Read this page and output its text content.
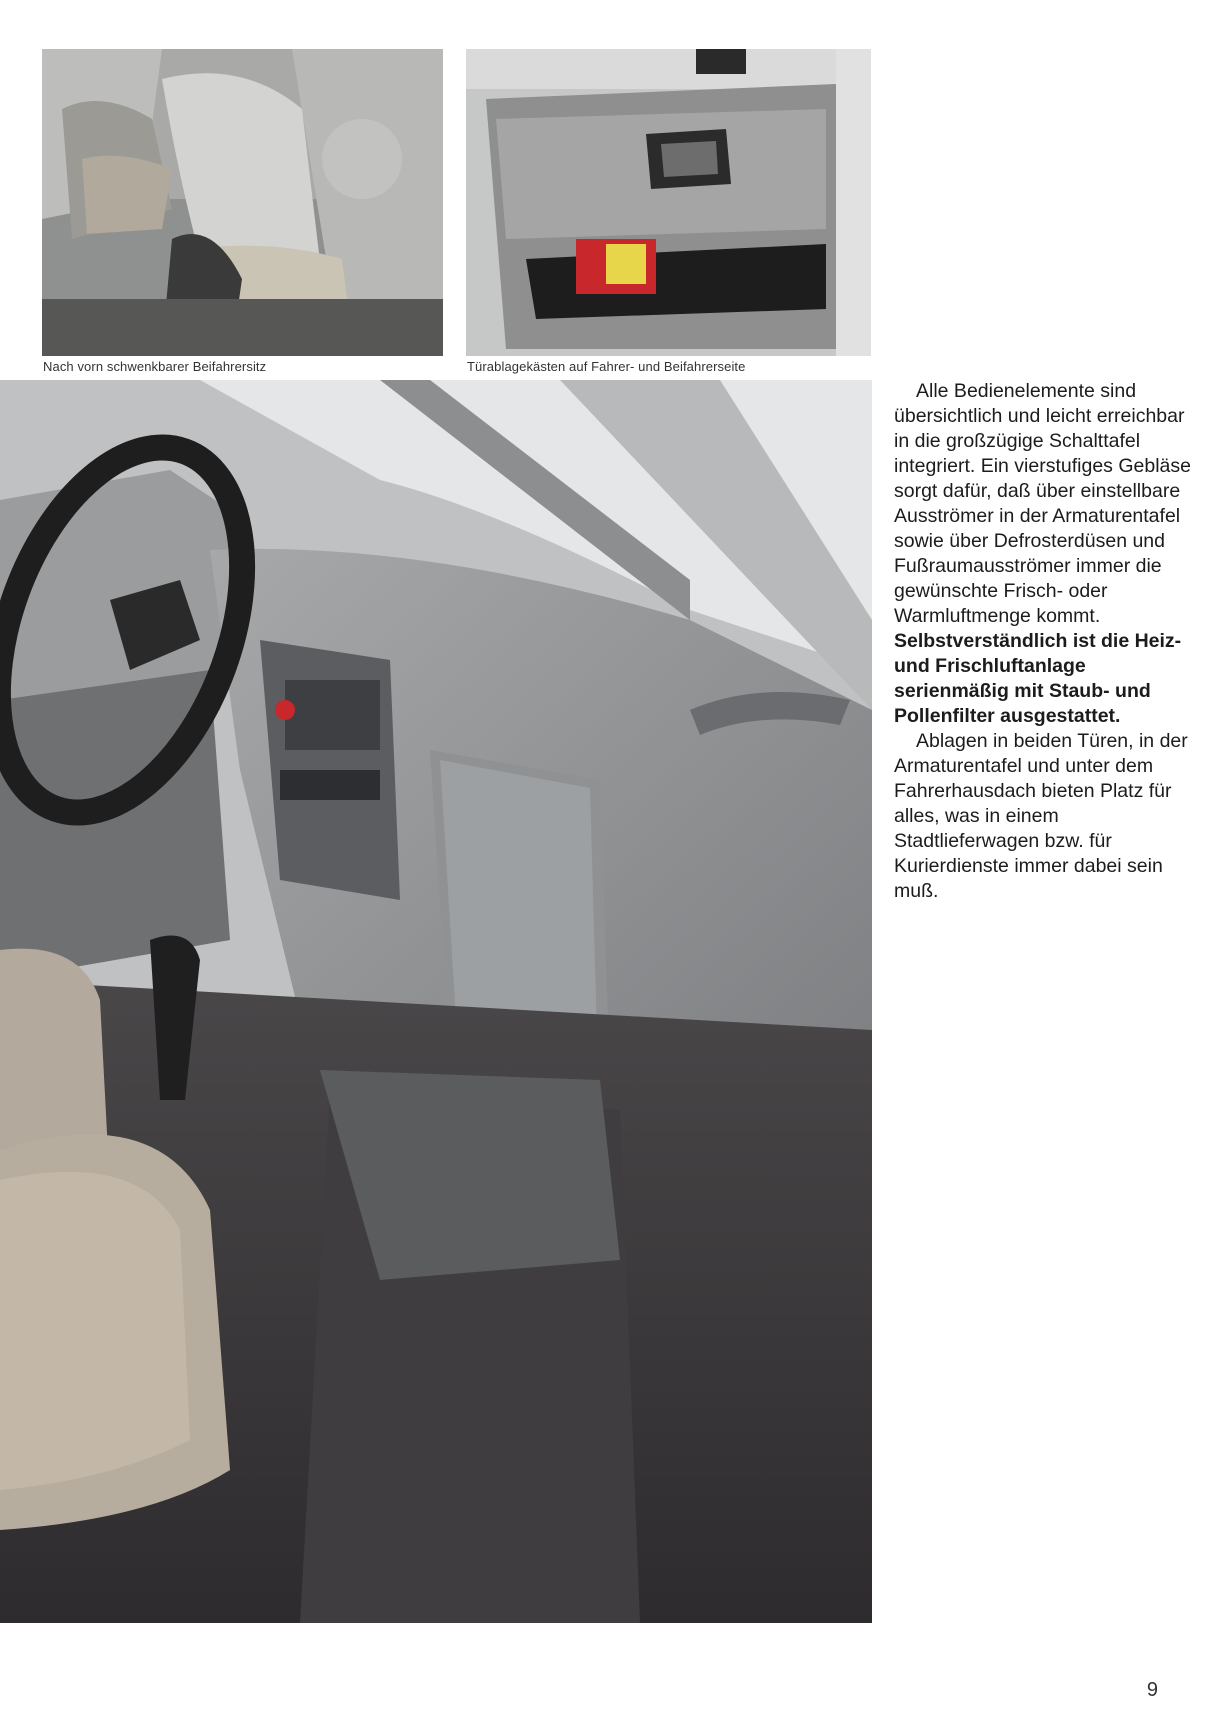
Nach vorn schwenkbarer Beifahrersitz	Türablagekästen auf Fahrer- und Beifahrerseite

Alle Bedienelemente sind übersichtlich und leicht erreichbar in die großzügige Schalttafel integriert. Ein vierstufiges Gebläse sorgt dafür, daß über einstellbare Ausströmer in der Armaturentafel sowie über Defrosterdüsen und Fußraumausströmer immer die gewünschte Frisch- oder Warmluftmenge kommt. Selbstverständlich ist die Heiz- und Frischluftanlage serienmäßig mit Staub- und Pollenfilter ausgestattet.

Ablagen in beiden Türen, in der Armaturentafel und unter dem Fahrerhausdach bieten Platz für alles, was in einem Stadtlieferwagen bzw. für Kurierdienste immer dabei sein muß.

9
